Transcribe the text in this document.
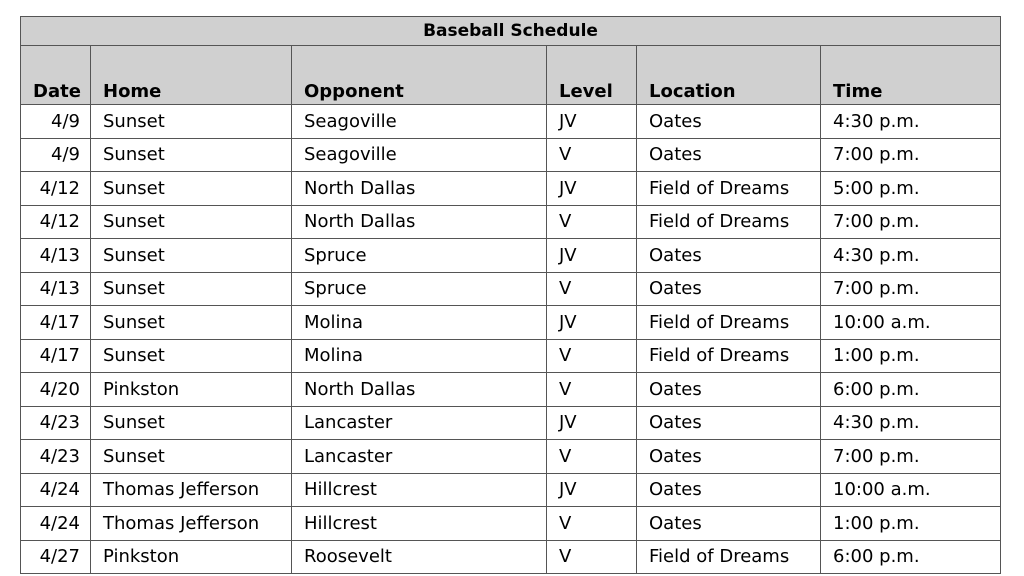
Baseball Schedule					
Date	Home	Opponent	Level	Location	Time
4/9	Sunset	Seagoville	JV	Oates	4:30 p.m.
4/9	Sunset	Seagoville	V	Oates	7:00 p.m.
4/12	Sunset	North Dallas	JV	Field of Dreams	5:00 p.m.
4/12	Sunset	North Dallas	V	Field of Dreams	7:00 p.m.
4/13	Sunset	Spruce	JV	Oates	4:30 p.m.
4/13	Sunset	Spruce	V	Oates	7:00 p.m.
4/17	Sunset	Molina	JV	Field of Dreams	10:00 a.m.
4/17	Sunset	Molina	V	Field of Dreams	1:00 p.m.
4/20	Pinkston	North Dallas	V	Oates	6:00 p.m.
4/23	Sunset	Lancaster	JV	Oates	4:30 p.m.
4/23	Sunset	Lancaster	V	Oates	7:00 p.m.
4/24	Thomas Jefferson	Hillcrest	JV	Oates	10:00 a.m.
4/24	Thomas Jefferson	Hillcrest	V	Oates	1:00 p.m.
4/27	Pinkston	Roosevelt	V	Field of Dreams	6:00 p.m.
